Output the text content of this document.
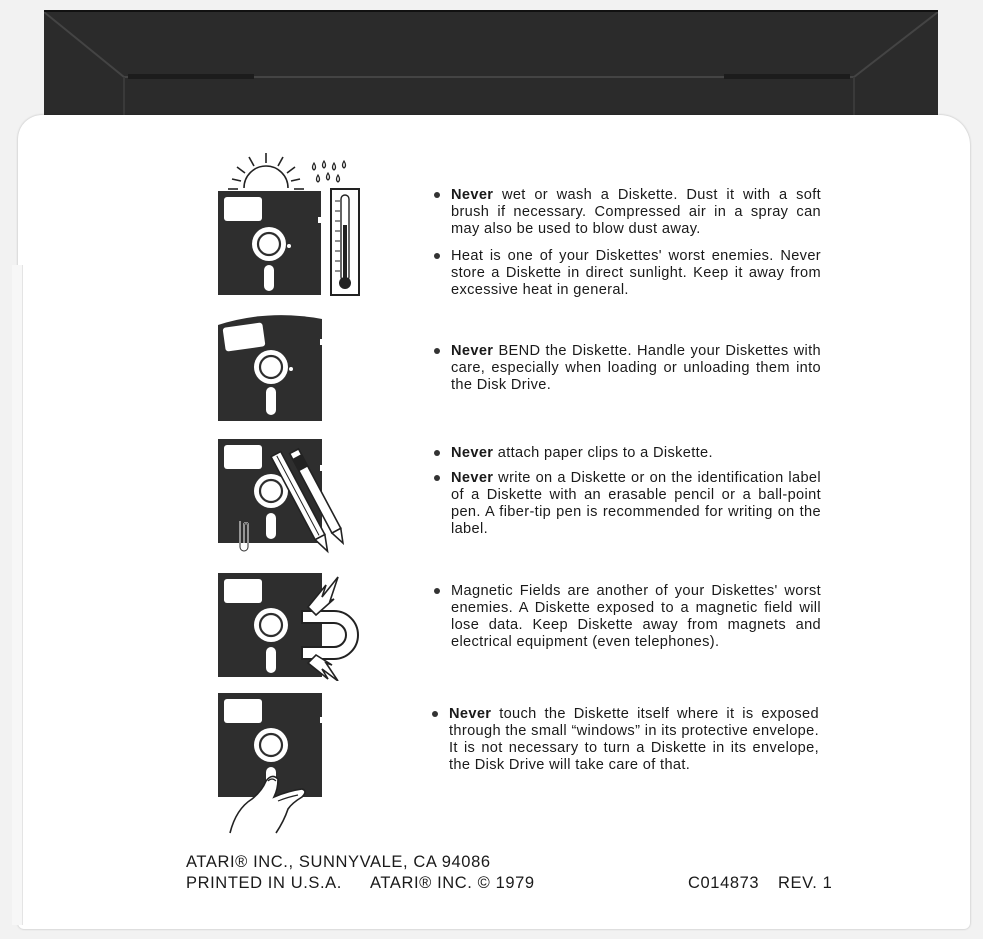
Never wet or wash a Diskette. Dust it with a soft brush if necessary. Compressed air in a spray can may also be used to blow dust away.
Heat is one of your Diskettes' worst enemies. Never store a Diskette in direct sunlight. Keep it away from excessive heat in general.
Never BEND the Diskette. Handle your Diskettes with care, especially when loading or unloading them into the Disk Drive.
Never attach paper clips to a Diskette.
Never write on a Diskette or on the identification label of a Diskette with an erasable pencil or a ball-point pen. A fiber-tip pen is recommended for writing on the label.
Magnetic Fields are another of your Diskettes' worst enemies. A Diskette exposed to a magnetic field will lose data. Keep Diskette away from magnets and electrical equipment (even telephones).
Never touch the Diskette itself where it is exposed through the small “windows” in its protective envelope. It is not necessary to turn a Diskette in its envelope, the Disk Drive will take care of that.
ATARI® INC., SUNNYVALE, CA 94086
PRINTED IN U.S.A. ATARI® INC. © 1979	C014873 REV. 1
